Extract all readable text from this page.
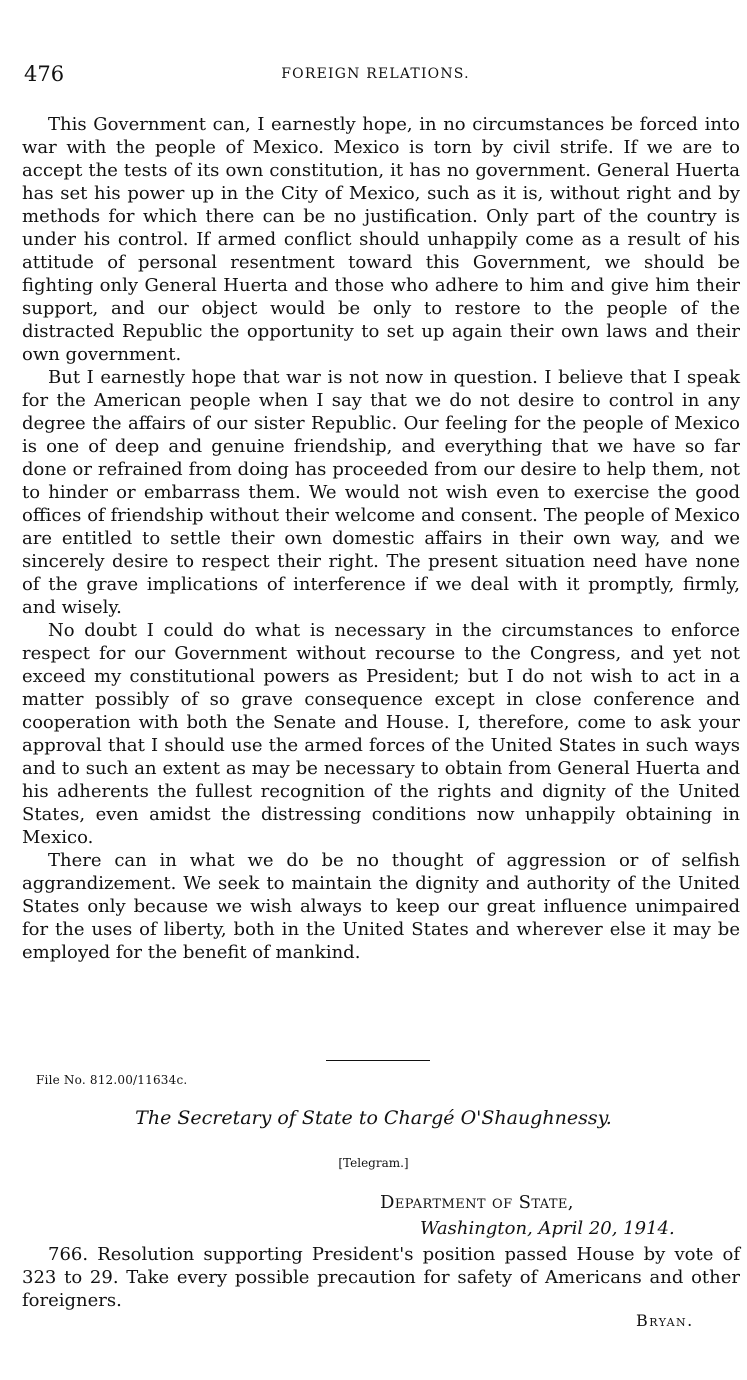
476	FOREIGN RELATIONS.

This Government can, I earnestly hope, in no circumstances be forced into war with the people of Mexico. Mexico is torn by civil strife. If we are to accept the tests of its own constitution, it has no government. General Huerta has set his power up in the City of Mexico, such as it is, without right and by methods for which there can be no justification. Only part of the country is under his control. If armed conflict should unhappily come as a result of his attitude of personal resentment toward this Government, we should be fighting only General Huerta and those who adhere to him and give him their support, and our object would be only to restore to the people of the distracted Republic the opportunity to set up again their own laws and their own government.

But I earnestly hope that war is not now in question. I believe that I speak for the American people when I say that we do not desire to control in any degree the affairs of our sister Republic. Our feeling for the people of Mexico is one of deep and genuine friendship, and everything that we have so far done or refrained from doing has proceeded from our desire to help them, not to hinder or embarrass them. We would not wish even to exercise the good offices of friendship without their welcome and consent. The people of Mexico are entitled to settle their own domestic affairs in their own way, and we sincerely desire to respect their right. The present situation need have none of the grave implications of interference if we deal with it promptly, firmly, and wisely.

No doubt I could do what is necessary in the circumstances to enforce respect for our Government without recourse to the Congress, and yet not exceed my constitutional powers as President; but I do not wish to act in a matter possibly of so grave consequence except in close conference and cooperation with both the Senate and House. I, therefore, come to ask your approval that I should use the armed forces of the United States in such ways and to such an extent as may be necessary to obtain from General Huerta and his adherents the fullest recognition of the rights and dignity of the United States, even amidst the distressing conditions now unhappily obtaining in Mexico.

There can in what we do be no thought of aggression or of selfish aggrandizement. We seek to maintain the dignity and authority of the United States only because we wish always to keep our great influence unimpaired for the uses of liberty, both in the United States and wherever else it may be employed for the benefit of mankind.

File No. 812.00/11634c.
The Secretary of State to Chargé O'Shaughnessy.
[Telegram.]
Department of State,
Washington, April 20, 1914.

766. Resolution supporting President's position passed House by vote of 323 to 29. Take every possible precaution for safety of Americans and other foreigners.

Bryan.
